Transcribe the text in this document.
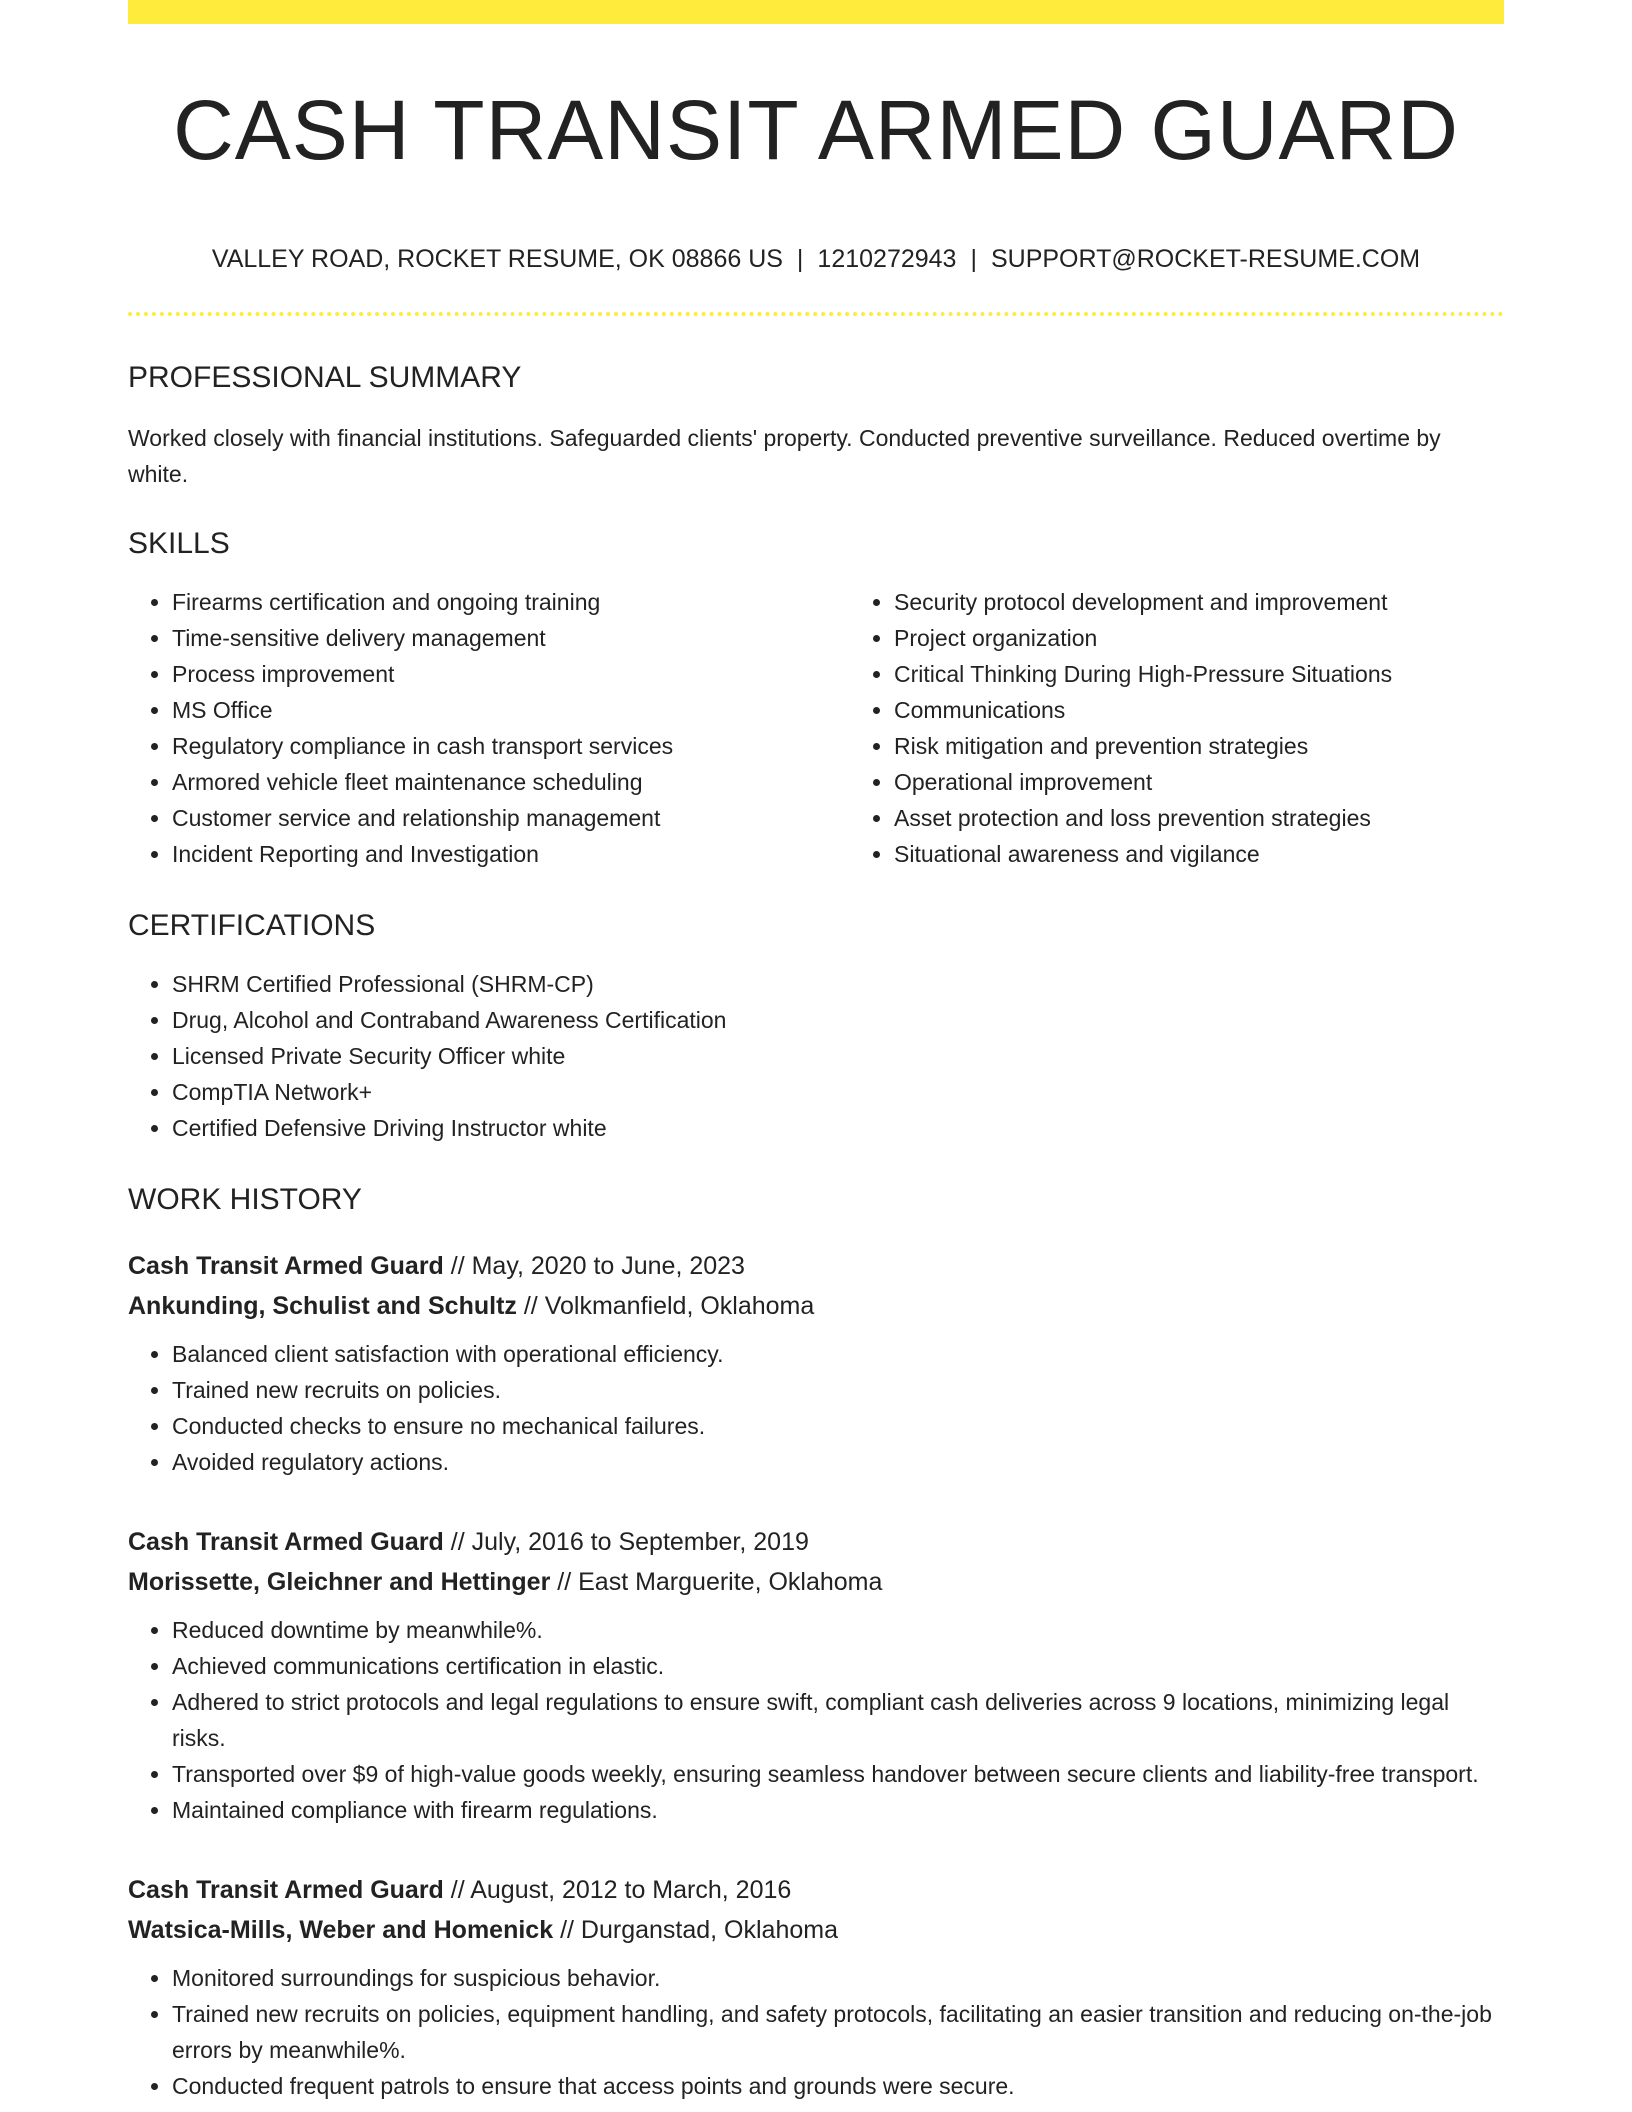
CASH TRANSIT ARMED GUARD
VALLEY ROAD, ROCKET RESUME, OK 08866 US | 1210272943 | SUPPORT@ROCKET-RESUME.COM
PROFESSIONAL SUMMARY
Worked closely with financial institutions. Safeguarded clients' property. Conducted preventive surveillance. Reduced overtime by white.
SKILLS
• Firearms certification and ongoing training
• Time-sensitive delivery management
• Process improvement
• MS Office
• Regulatory compliance in cash transport services
• Armored vehicle fleet maintenance scheduling
• Customer service and relationship management
• Incident Reporting and Investigation
• Security protocol development and improvement
• Project organization
• Critical Thinking During High-Pressure Situations
• Communications
• Risk mitigation and prevention strategies
• Operational improvement
• Asset protection and loss prevention strategies
• Situational awareness and vigilance
CERTIFICATIONS
• SHRM Certified Professional (SHRM-CP)
• Drug, Alcohol and Contraband Awareness Certification
• Licensed Private Security Officer white
• CompTIA Network+
• Certified Defensive Driving Instructor white
WORK HISTORY
Cash Transit Armed Guard // May, 2020 to June, 2023
Ankunding, Schulist and Schultz // Volkmanfield, Oklahoma
• Balanced client satisfaction with operational efficiency.
• Trained new recruits on policies.
• Conducted checks to ensure no mechanical failures.
• Avoided regulatory actions.
Cash Transit Armed Guard // July, 2016 to September, 2019
Morissette, Gleichner and Hettinger // East Marguerite, Oklahoma
• Reduced downtime by meanwhile%.
• Achieved communications certification in elastic.
• Adhered to strict protocols and legal regulations to ensure swift, compliant cash deliveries across 9 locations, minimizing legal risks.
• Transported over $9 of high-value goods weekly, ensuring seamless handover between secure clients and liability-free transport.
• Maintained compliance with firearm regulations.
Cash Transit Armed Guard // August, 2012 to March, 2016
Watsica-Mills, Weber and Homenick // Durganstad, Oklahoma
• Monitored surroundings for suspicious behavior.
• Trained new recruits on policies, equipment handling, and safety protocols, facilitating an easier transition and reducing on-the-job errors by meanwhile%.
• Conducted frequent patrols to ensure that access points and grounds were secure.
